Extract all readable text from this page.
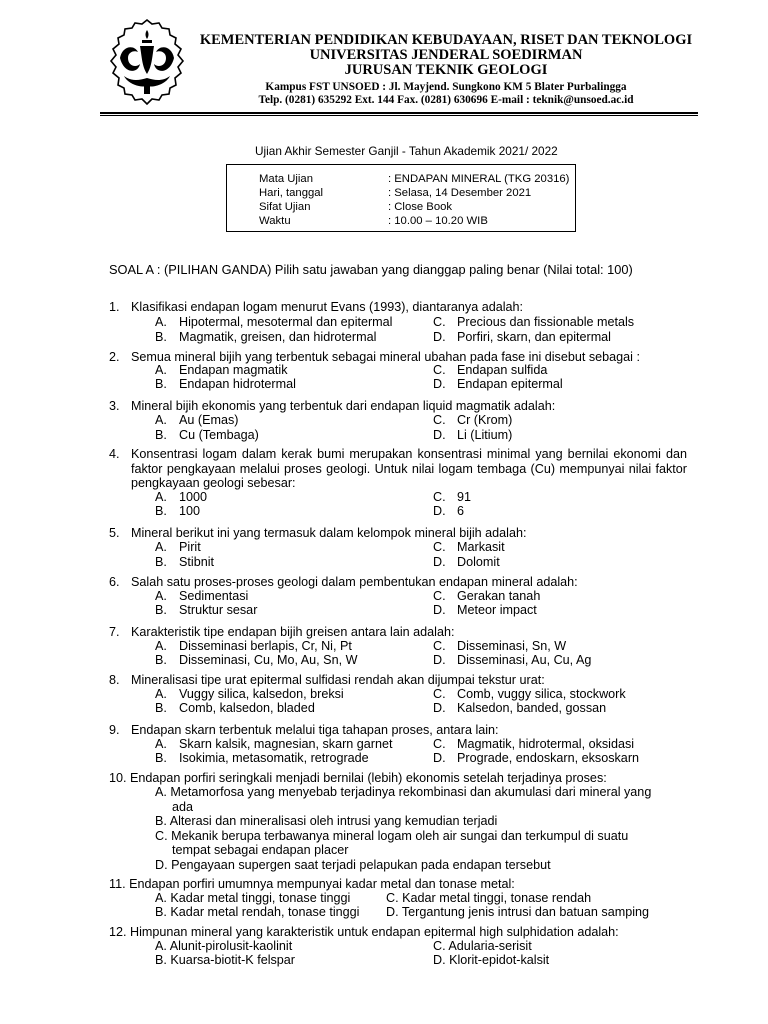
KEMENTERIAN PENDIDIKAN KEBUDAYAAN, RISET DAN TEKNOLOGI
UNIVERSITAS JENDERAL SOEDIRMAN
JURUSAN TEKNIK GEOLOGI
Kampus FST UNSOED : Jl. Mayjend. Sungkono KM 5 Blater Purbalingga
Telp. (0281) 635292 Ext. 144 Fax. (0281) 630696 E-mail : teknik@unsoed.ac.id
Ujian Akhir Semester Ganjil - Tahun Akademik 2021/ 2022
Mata Ujian	: ENDAPAN MINERAL (TKG 20316)
Hari, tanggal	: Selasa, 14 Desember 2021
Sifat Ujian	: Close Book
Waktu	: 10.00 – 10.20 WIB
SOAL A : (PILIHAN GANDA) Pilih satu jawaban yang dianggap paling benar (Nilai total: 100)
1. Klasifikasi endapan logam menurut Evans (1993), diantaranya adalah:
A. Hipotermal, mesotermal dan epitermal	C. Precious dan fissionable metals
B. Magmatik, greisen, dan hidrotermal	D. Porfiri, skarn, dan epitermal
2. Semua mineral bijih yang terbentuk sebagai mineral ubahan pada fase ini disebut sebagai :
A. Endapan magmatik	C. Endapan sulfida
B. Endapan hidrotermal	D. Endapan epitermal
3. Mineral bijih ekonomis yang terbentuk dari endapan liquid magmatik adalah:
A. Au (Emas)	C. Cr (Krom)
B. Cu (Tembaga)	D. Li (Litium)
4. Konsentrasi logam dalam kerak bumi merupakan konsentrasi minimal yang bernilai ekonomi dan faktor pengkayaan melalui proses geologi. Untuk nilai logam tembaga (Cu) mempunyai nilai faktor pengkayaan geologi sebesar:
A. 1000	C. 91
B. 100	D. 6
5. Mineral berikut ini yang termasuk dalam kelompok mineral bijih adalah:
A. Pirit	C. Markasit
B. Stibnit	D. Dolomit
6. Salah satu proses-proses geologi dalam pembentukan endapan mineral adalah:
A. Sedimentasi	C. Gerakan tanah
B. Struktur sesar	D. Meteor impact
7. Karakteristik tipe endapan bijih greisen antara lain adalah:
A. Disseminasi berlapis, Cr, Ni, Pt	C. Disseminasi, Sn, W
B. Disseminasi, Cu, Mo, Au, Sn, W	D. Disseminasi, Au, Cu, Ag
8. Mineralisasi tipe urat epitermal sulfidasi rendah akan dijumpai tekstur urat:
A. Vuggy silica, kalsedon, breksi	C. Comb, vuggy silica, stockwork
B. Comb, kalsedon, bladed	D. Kalsedon, banded, gossan
9. Endapan skarn terbentuk melalui tiga tahapan proses, antara lain:
A. Skarn kalsik, magnesian, skarn garnet	C. Magmatik, hidrotermal, oksidasi
B. Isokimia, metasomatik, retrograde	D. Prograde, endoskarn, eksoskarn
10. Endapan porfiri seringkali menjadi bernilai (lebih) ekonomis setelah terjadinya proses:
A. Metamorfosa yang menyebab terjadinya rekombinasi dan akumulasi dari mineral yang ada
B. Alterasi dan mineralisasi oleh intrusi yang kemudian terjadi
C. Mekanik berupa terbawanya mineral logam oleh air sungai dan terkumpul di suatu tempat sebagai endapan placer
D. Pengayaan supergen saat terjadi pelapukan pada endapan tersebut
11. Endapan porfiri umumnya mempunyai kadar metal dan tonase metal:
A. Kadar metal tinggi, tonase tinggi	C. Kadar metal tinggi, tonase rendah
B. Kadar metal rendah, tonase tinggi D. Tergantung jenis intrusi dan batuan samping
12. Himpunan mineral yang karakteristik untuk endapan epitermal high sulphidation adalah:
A. Alunit-pirolusit-kaolinit	C. Adularia-serisit
B. Kuarsa-biotit-K felspar	D. Klorit-epidot-kalsit
